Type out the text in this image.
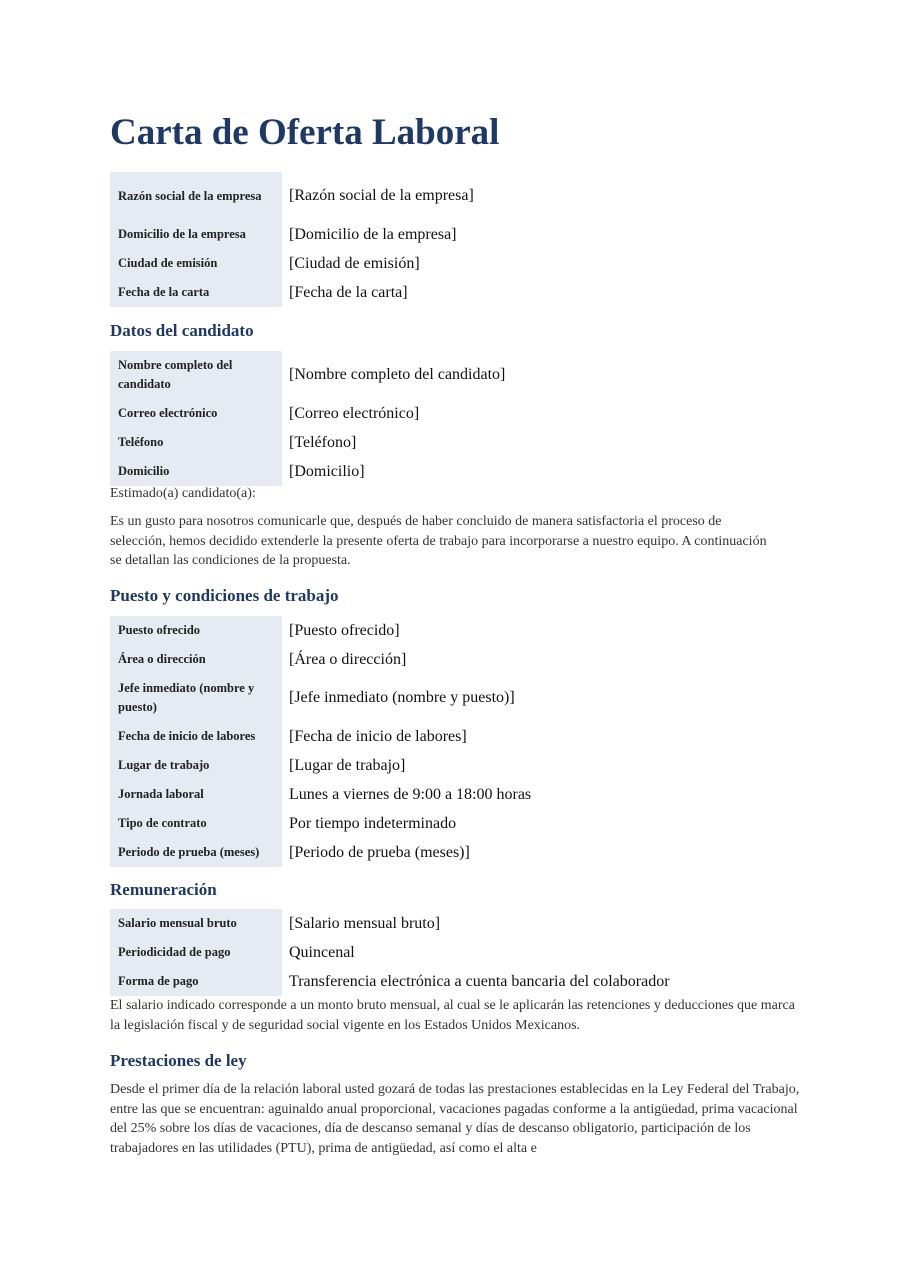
Carta de Oferta Laboral
Razón social de la empresa	[Razón social de la empresa]
Domicilio de la empresa	[Domicilio de la empresa]
Ciudad de emisión	[Ciudad de emisión]
Fecha de la carta	[Fecha de la carta]
Datos del candidato
Nombre completo del candidato	[Nombre completo del candidato]
Correo electrónico	[Correo electrónico]
Teléfono	[Teléfono]
Domicilio	[Domicilio]

Estimado(a) candidato(a):

Es un gusto para nosotros comunicarle que, después de haber concluido de manera satisfactoria el proceso de selección, hemos decidido extenderle la presente oferta de trabajo para incorporarse a nuestro equipo. A continuación se detallan las condiciones de la propuesta.

Puesto y condiciones de trabajo
Puesto ofrecido	[Puesto ofrecido]
Área o dirección	[Área o dirección]
Jefe inmediato (nombre y puesto)	[Jefe inmediato (nombre y puesto)]
Fecha de inicio de labores	[Fecha de inicio de labores]
Lugar de trabajo	[Lugar de trabajo]
Jornada laboral	Lunes a viernes de 9:00 a 18:00 horas
Tipo de contrato	Por tiempo indeterminado
Periodo de prueba (meses)	[Periodo de prueba (meses)]
Remuneración
Salario mensual bruto	[Salario mensual bruto]
Periodicidad de pago	Quincenal
Forma de pago	Transferencia electrónica a cuenta bancaria del colaborador

El salario indicado corresponde a un monto bruto mensual, al cual se le aplicarán las retenciones y deducciones que marca la legislación fiscal y de seguridad social vigente en los Estados Unidos Mexicanos.

Prestaciones de ley

Desde el primer día de la relación laboral usted gozará de todas las prestaciones establecidas en la Ley Federal del Trabajo, entre las que se encuentran: aguinaldo anual proporcional, vacaciones pagadas conforme a la antigüedad, prima vacacional del 25% sobre los días de vacaciones, día de descanso semanal y días de descanso obligatorio, participación de los trabajadores en las utilidades (PTU), prima de antigüedad, así como el alta e
